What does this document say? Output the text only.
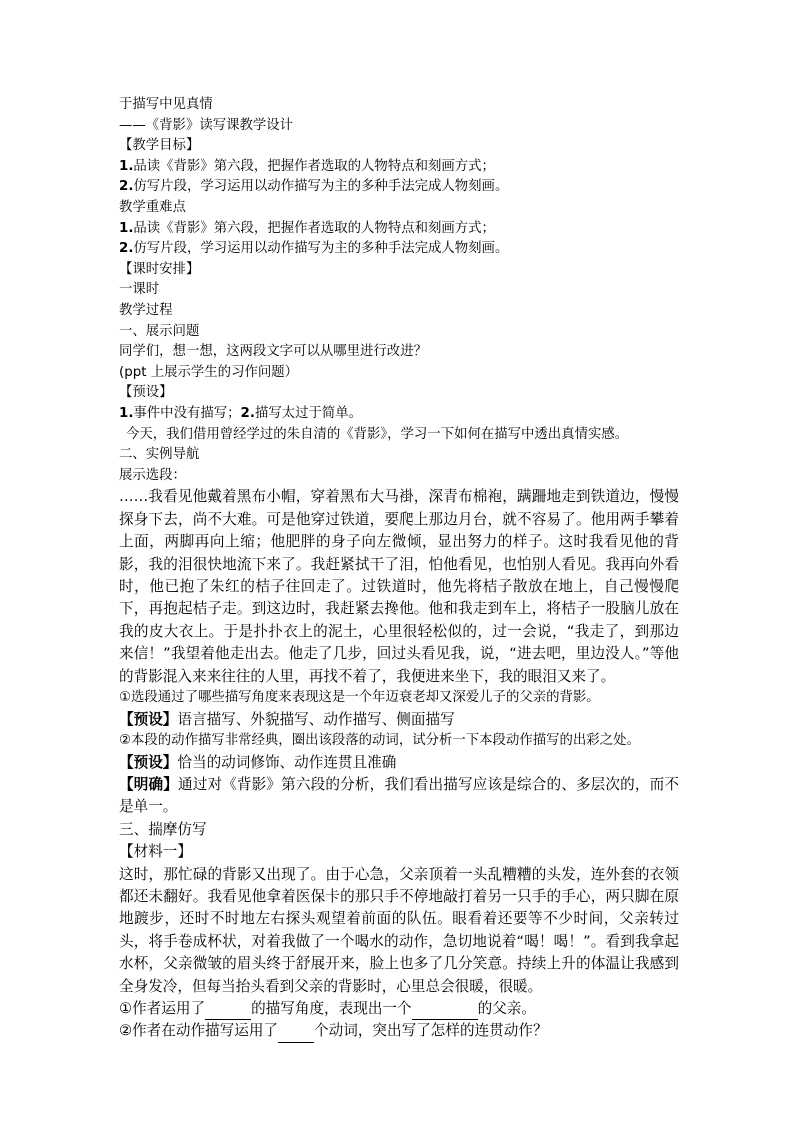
于描写中见真情
——《背影》读写课教学设计
【教学目标】
1.品读《背影》第六段，把握作者选取的人物特点和刻画方式；
2.仿写片段，学习运用以动作描写为主的多种手法完成人物刻画。
教学重难点
1.品读《背影》第六段，把握作者选取的人物特点和刻画方式；
2.仿写片段，学习运用以动作描写为主的多种手法完成人物刻画。
【课时安排】
一课时
教学过程
一、展示问题
同学们，想一想，这两段文字可以从哪里进行改进？
(ppt 上展示学生的习作问题）
【预设】
1.事件中没有描写；2.描写太过于简单。
今天，我们借用曾经学过的朱自清的《背影》，学习一下如何在描写中透出真情实感。
二、实例导航
展示选段：
……我看见他戴着黑布小帽，穿着黑布大马褂，深青布棉袍，蹒跚地走到铁道边，慢慢探身下去，尚不大难。可是他穿过铁道，要爬上那边月台，就不容易了。他用两手攀着上面，两脚再向上缩；他肥胖的身子向左微倾，显出努力的样子。这时我看见他的背影，我的泪很快地流下来了。我赶紧拭干了泪，怕他看见，也怕别人看见。我再向外看时，他已抱了朱红的桔子往回走了。过铁道时，他先将桔子散放在地上，自己慢慢爬下，再抱起桔子走。到这边时，我赶紧去搀他。他和我走到车上，将桔子一股脑儿放在我的皮大衣上。于是扑扑衣上的泥土，心里很轻松似的，过一会说，“我走了，到那边来信！”我望着他走出去。他走了几步，回过头看见我，说，“进去吧，里边没人。”等他的背影混入来来往往的人里，再找不着了，我便进来坐下，我的眼泪又来了。
①选段通过了哪些描写角度来表现这是一个年迈衰老却又深爱儿子的父亲的背影。
【预设】语言描写、外貌描写、动作描写、侧面描写
②本段的动作描写非常经典，圈出该段落的动词，试分析一下本段动作描写的出彩之处。
【预设】恰当的动词修饰、动作连贯且准确
【明确】通过对《背影》第六段的分析，我们看出描写应该是综合的、多层次的，而不是单一。
三、揣摩仿写
【材料一】
这时，那忙碌的背影又出现了。由于心急，父亲顶着一头乱糟糟的头发，连外套的衣领都还未翻好。我看见他拿着医保卡的那只手不停地敲打着另一只手的手心，两只脚在原地踱步，还时不时地左右探头观望着前面的队伍。眼看着还要等不少时间，父亲转过头，将手卷成杯状，对着我做了一个喝水的动作，急切地说着“喝！喝！”。看到我拿起水杯，父亲微皱的眉头终于舒展开来，脸上也多了几分笑意。持续上升的体温让我感到全身发冷，但每当抬头看到父亲的背影时，心里总会很暖，很暖。
①作者运用了	的描写角度，表现出一个	的父亲。
②作者在动作描写运用了 个动词，突出写了怎样的连贯动作？
